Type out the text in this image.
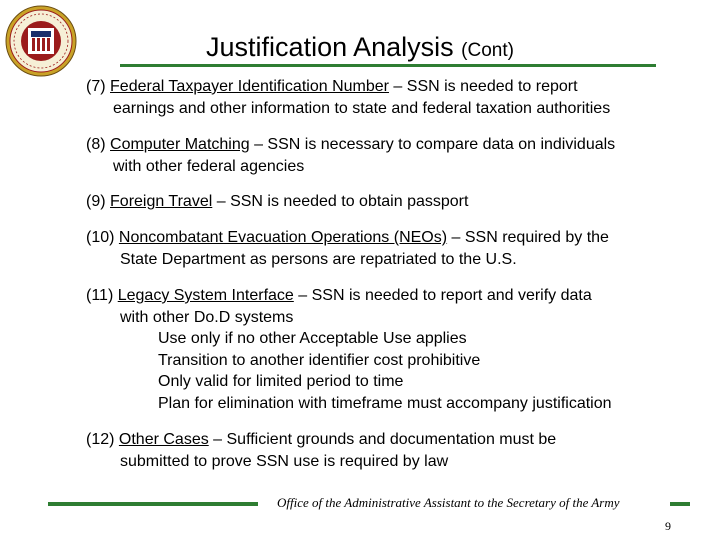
Justification Analysis (Cont)
(7) Federal Taxpayer Identification Number – SSN is needed to report
earnings and other information to state and federal taxation authorities
(8) Computer Matching – SSN is necessary to compare data on individuals
with other federal agencies
(9) Foreign Travel – SSN is needed to obtain passport
(10) Noncombatant Evacuation Operations (NEOs) – SSN required by the
State Department as persons are repatriated to the U.S.
(11) Legacy System Interface – SSN is needed to report and verify data
with other Do.D systems
Use only if no other Acceptable Use applies
Transition to another identifier cost prohibitive
Only valid for limited period to time
Plan for elimination with timeframe must accompany justification
(12) Other Cases – Sufficient grounds and documentation must be
submitted to prove SSN use is required by law
Office of the Administrative Assistant to the Secretary of the Army
9
